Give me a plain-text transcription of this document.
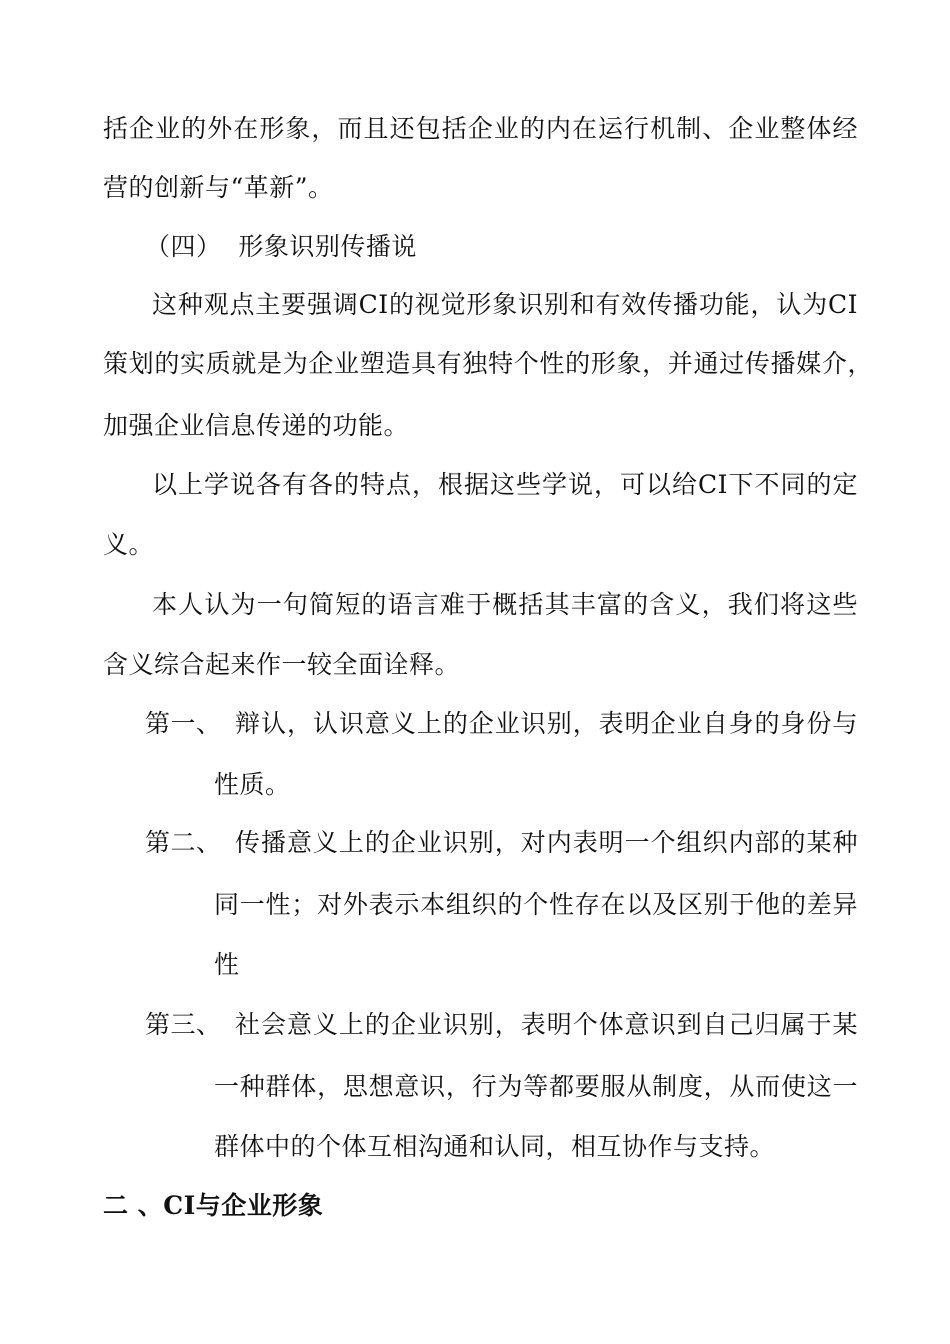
括企业的外在形象，而且还包括企业的内在运行机制、企业整体经
营的创新与“革新”。
（四）  形象识别传播说
这种观点主要强调CI的视觉形象识别和有效传播功能，认为CI
策划的实质就是为企业塑造具有独特个性的形象，并通过传播媒介，
加强企业信息传递的功能。
以上学说各有各的特点，根据这些学说，可以给CI下不同的定
义。
本人认为一句简短的语言难于概括其丰富的含义，我们将这些
含义综合起来作一较全面诠释。
第一、 辩认，认识意义上的企业识别，表明企业自身的身份与
性质。
第二、 传播意义上的企业识别，对内表明一个组织内部的某种
同一性；对外表示本组织的个性存在以及区别于他的差异
性
第三、 社会意义上的企业识别，表明个体意识到自己归属于某
一种群体，思想意识，行为等都要服从制度，从而使这一
群体中的个体互相沟通和认同，相互协作与支持。
二 、CI与企业形象
